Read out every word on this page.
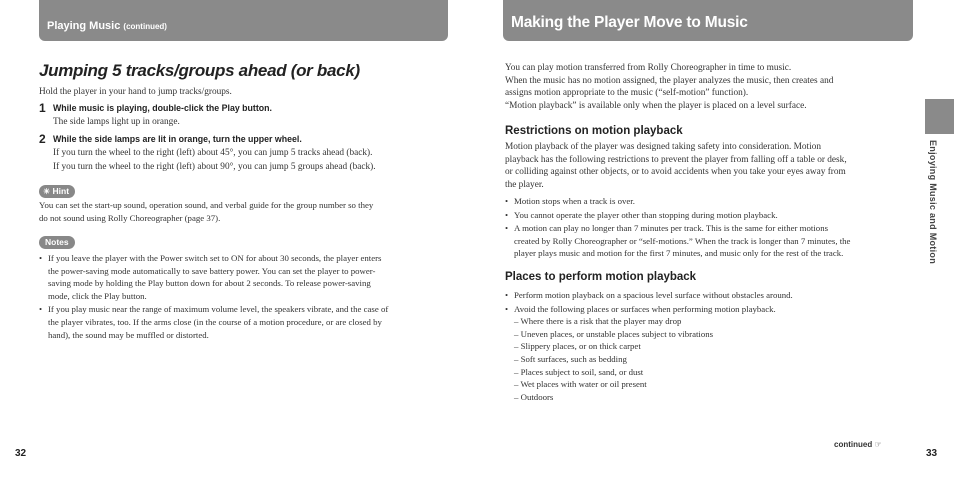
Playing Music (continued)	Making the Player Move to Music
Enjoying Music and Motion
Jumping 5 tracks/groups ahead (or back)
Hold the player in your hand to jump tracks/groups.
1 While music is playing, double-click the Play button.
The side lamps light up in orange.
2 While the side lamps are lit in orange, turn the upper wheel.
If you turn the wheel to the right (left) about 45°, you can jump 5 tracks ahead (back).
If you turn the wheel to the right (left) about 90°, you can jump 5 groups ahead (back).
☀ Hint
You can set the start-up sound, operation sound, and verbal guide for the group number so they
do not sound using Rolly Choreographer (page 37).
Notes
• If you leave the player with the Power switch set to ON for about 30 seconds, the player enters
the power-saving mode automatically to save battery power. You can set the player to power-
saving mode by holding the Play button down for about 2 seconds. To release power-saving
mode, click the Play button.
• If you play music near the range of maximum volume level, the speakers vibrate, and the case of
the player vibrates, too. If the arms close (in the course of a motion procedure, or are closed by
hand), the sound may be muffled or distorted.
32
You can play motion transferred from Rolly Choreographer in time to music.
When the music has no motion assigned, the player analyzes the music, then creates and
assigns motion appropriate to the music (“self-motion” function).
“Motion playback” is available only when the player is placed on a level surface.
Restrictions on motion playback
Motion playback of the player was designed taking safety into consideration. Motion
playback has the following restrictions to prevent the player from falling off a table or desk,
or colliding against other objects, or to avoid accidents when you take your eyes away from
the player.
• Motion stops when a track is over.
• You cannot operate the player other than stopping during motion playback.
• A motion can play no longer than 7 minutes per track. This is the same for either motions
created by Rolly Choreographer or “self-motions.” When the track is longer than 7 minutes, the
player plays music and motion for the first 7 minutes, and music only for the rest of the track.
Places to perform motion playback
• Perform motion playback on a spacious level surface without obstacles around.
• Avoid the following places or surfaces when performing motion playback.
– Where there is a risk that the player may drop
– Uneven places, or unstable places subject to vibrations
– Slippery places, or on thick carpet
– Soft surfaces, such as bedding
– Places subject to soil, sand, or dust
– Wet places with water or oil present
– Outdoors
continued ☞
33
